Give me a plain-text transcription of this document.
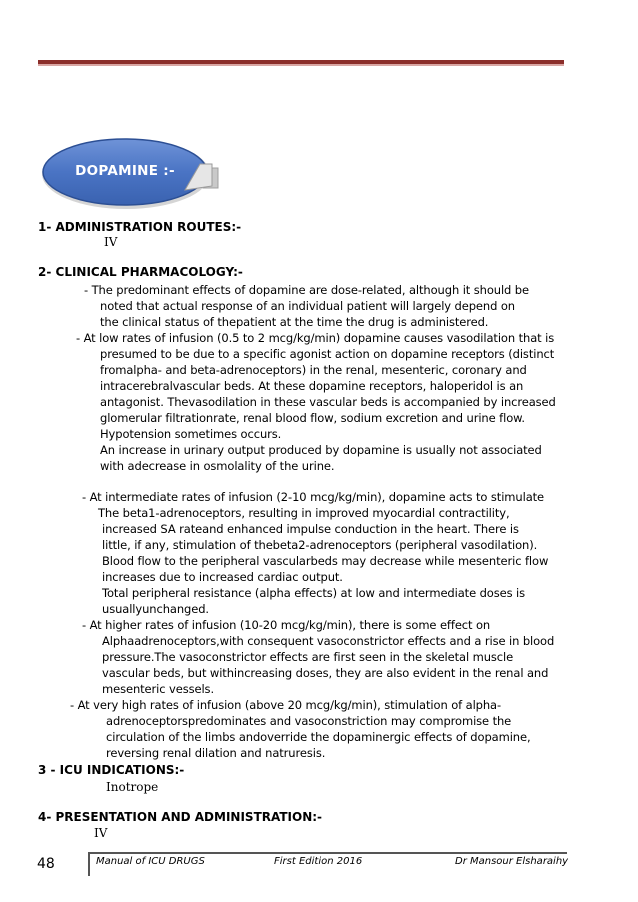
DOPAMINE :-
1- ADMINISTRATION ROUTES:-
IV
2- CLINICAL PHARMACOLOGY:-
- The predominant effects of dopamine are dose-related, although it should be
noted that actual response of an individual patient will largely depend on
the clinical status of thepatient at the time the drug is administered.
- At low rates of infusion (0.5 to 2 mcg/kg/min) dopamine causes vasodilation that is
presumed to be due to a specific agonist action on dopamine receptors (distinct
fromalpha- and beta-adrenoceptors) in the renal, mesenteric, coronary and
intracerebralvascular beds. At these dopamine receptors, haloperidol is an
antagonist. Thevasodilation in these vascular beds is accompanied by increased
glomerular filtrationrate, renal blood flow, sodium excretion and urine flow.
Hypotension sometimes occurs.
An increase in urinary output produced by dopamine is usually not associated
with adecrease in osmolality of the urine.
- At intermediate rates of infusion (2-10 mcg/kg/min), dopamine acts to stimulate
The beta1-adrenoceptors, resulting in improved myocardial contractility,
increased SA rateand enhanced impulse conduction in the heart. There is
little, if any, stimulation of thebeta2-adrenoceptors (peripheral vasodilation).
Blood flow to the peripheral vascularbeds may decrease while mesenteric flow
increases due to increased cardiac output.
Total peripheral resistance (alpha effects) at low and intermediate doses is
usuallyunchanged.
- At higher rates of infusion (10-20 mcg/kg/min), there is some effect on
Alphaadrenoceptors,with consequent vasoconstrictor effects and a rise in blood
pressure.The vasoconstrictor effects are first seen in the skeletal muscle
vascular beds, but withincreasing doses, they are also evident in the renal and
mesenteric vessels.
- At very high rates of infusion (above 20 mcg/kg/min), stimulation of alpha-
adrenoceptorspredominates and vasoconstriction may compromise the
circulation of the limbs andoverride the dopaminergic effects of dopamine,
reversing renal dilation and natruresis.
3 - ICU INDICATIONS:-
Inotrope
4- PRESENTATION AND ADMINISTRATION:-
IV
48	Manual of ICU DRUGS	First Edition 2016	Dr Mansour Elsharaihy
